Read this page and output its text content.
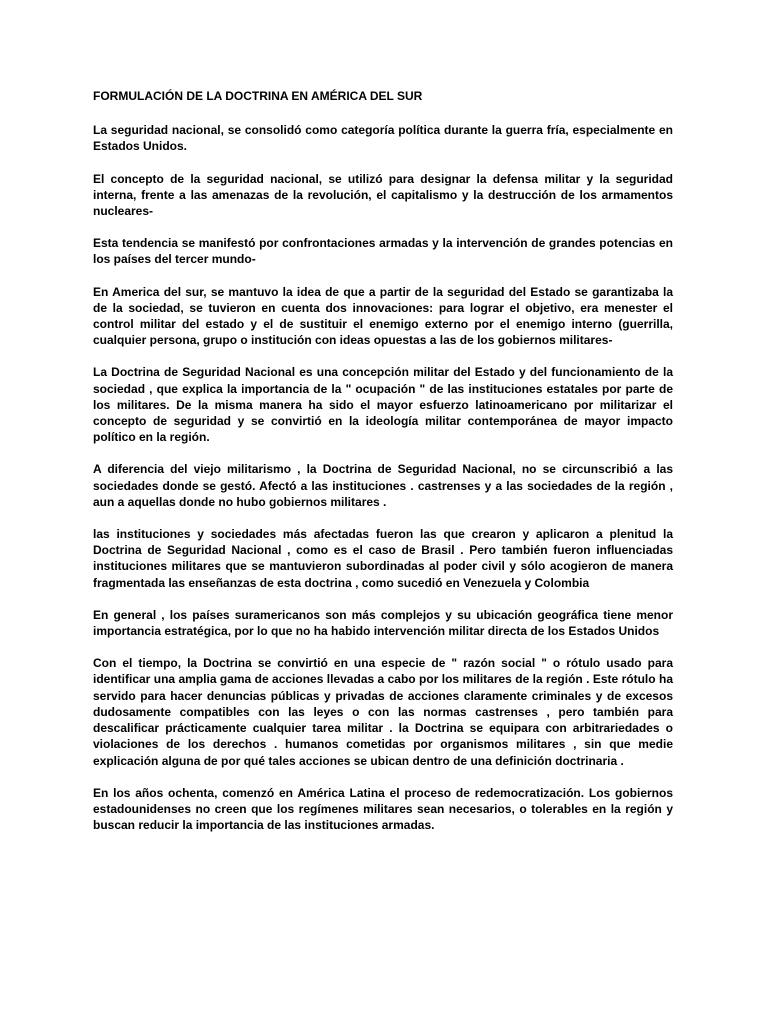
FORMULACIÓN DE LA DOCTRINA EN AMÉRICA DEL SUR

La seguridad nacional, se consolidó como categoría política durante la guerra fría, especialmente en Estados Unidos.

El concepto de la seguridad nacional, se utilizó para designar la defensa militar y la seguridad interna, frente a las amenazas de la revolución, el capitalismo y la destrucción de los armamentos nucleares-

Esta tendencia se manifestó por confrontaciones armadas y la intervención de grandes potencias en los países del tercer mundo-

En America del sur, se mantuvo la idea de que a partir de la seguridad del Estado se garantizaba la de la sociedad, se tuvieron en cuenta dos innovaciones: para lograr el objetivo, era menester el control militar del estado y el de sustituir el enemigo externo por el enemigo interno (guerrilla, cualquier persona, grupo o institución con ideas opuestas a las de los gobiernos militares-

La Doctrina de Seguridad Nacional es una concepción militar del Estado y del funcionamiento de la sociedad , que explica la importancia de la " ocupación " de las instituciones estatales por parte de los militares. De la misma manera ha sido el mayor esfuerzo latinoamericano por militarizar el concepto de seguridad y se convirtió en la ideología militar contemporánea de mayor impacto político en la región.

A diferencia del viejo militarismo , la Doctrina de Seguridad Nacional, no se circunscribió a las sociedades donde se gestó. Afectó a las instituciones . castrenses y a las sociedades de la región , aun a aquellas donde no hubo gobiernos militares .

las instituciones y sociedades más afectadas fueron las que crearon y aplicaron a plenitud la Doctrina de Seguridad Nacional , como es el caso de Brasil . Pero también fueron influenciadas instituciones militares que se mantuvieron subordinadas al poder civil y sólo acogieron de manera fragmentada las enseñanzas de esta doctrina , como sucedió en Venezuela y Colombia

En general , los países suramericanos son más complejos y su ubicación geográfica tiene menor importancia estratégica, por lo que no ha habido intervención militar directa de los Estados Unidos

Con el tiempo, la Doctrina se convirtió en una especie de " razón social " o rótulo usado para identificar una amplia gama de acciones llevadas a cabo por los militares de la región . Este rótulo ha servido para hacer denuncias públicas y privadas de acciones claramente criminales y de excesos dudosamente compatibles con las leyes o con las normas castrenses , pero también para descalificar prácticamente cualquier tarea militar . la Doctrina se equipara con arbitrariedades o violaciones de los derechos . humanos cometidas por organismos militares , sin que medie explicación alguna de por qué tales acciones se ubican dentro de una definición doctrinaria .

En los años ochenta, comenzó en América Latina el proceso de redemocratización. Los gobiernos estadounidenses no creen que los regímenes militares sean necesarios, o tolerables en la región y buscan reducir la importancia de las instituciones armadas.
